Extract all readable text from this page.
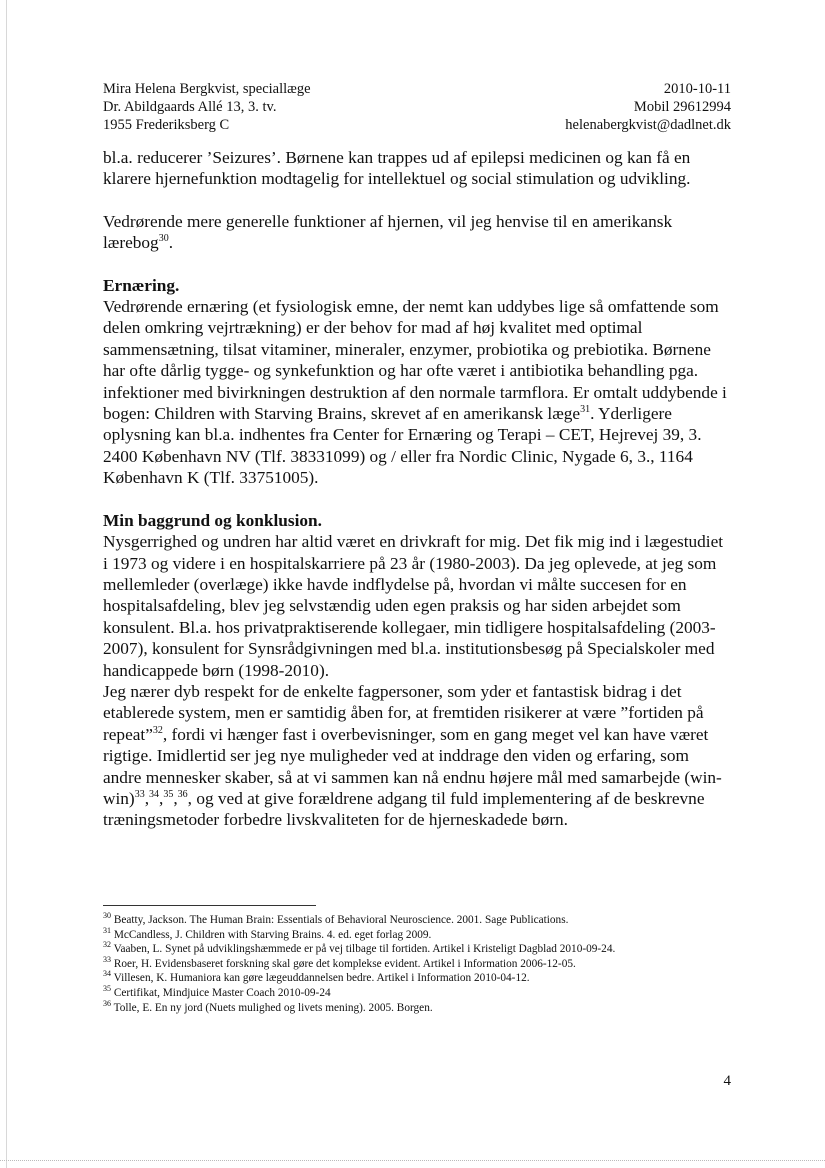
Mira Helena Bergkvist, speciallæge
Dr. Abildgaards Allé 13, 3. tv.
1955 Frederiksberg C
2010-10-11
Mobil 29612994
helenabergkvist@dadlnet.dk

bl.a. reducerer ’Seizures’. Børnene kan trappes ud af epilepsi medicinen og kan få en klarere hjernefunktion modtagelig for intellektuel og social stimulation og udvikling.

Vedrørende mere generelle funktioner af hjernen, vil jeg henvise til en amerikansk lærebog$^{30}$.

Ernæring.

Vedrørende ernæring (et fysiologisk emne, der nemt kan uddybes lige så omfattende som delen omkring vejrtrækning) er der behov for mad af høj kvalitet med optimal sammensætning, tilsat vitaminer, mineraler, enzymer, probiotika og prebiotika. Børnene har ofte dårlig tygge- og synkefunktion og har ofte været i antibiotika behandling pga. infektioner med bivirkningen destruktion af den normale tarmflora. Er omtalt uddybende i bogen: Children with Starving Brains, skrevet af en amerikansk læge$^{31}$. Yderligere oplysning kan bl.a. indhentes fra Center for Ernæring og Terapi – CET, Hejrevej 39, 3. 2400 København NV (Tlf. 38331099) og / eller fra Nordic Clinic, Nygade 6, 3., 1164 København K (Tlf. 33751005).

Min baggrund og konklusion.

Nysgerrighed og undren har altid været en drivkraft for mig. Det fik mig ind i lægestudiet i 1973 og videre i en hospitalskarriere på 23 år (1980-2003). Da jeg oplevede, at jeg som mellemleder (overlæge) ikke havde indflydelse på, hvordan vi målte succesen for en hospitalsafdeling, blev jeg selvstændig uden egen praksis og har siden arbejdet som konsulent. Bl.a. hos privatpraktiserende kollegaer, min tidligere hospitalsafdeling (2003-2007), konsulent for Synsrådgivningen med bl.a. institutionsbesøg på Specialskoler med handicappede børn (1998-2010).

Jeg nærer dyb respekt for de enkelte fagpersoner, som yder et fantastisk bidrag i det etablerede system, men er samtidig åben for, at fremtiden risikerer at være ”fortiden på repeat”$^{32}$, fordi vi hænger fast i overbevisninger, som en gang meget vel kan have været rigtige. Imidlertid ser jeg nye muligheder ved at inddrage den viden og erfaring, som andre mennesker skaber, så at vi sammen kan nå endnu højere mål med samarbejde $(win-win)^{33},^{34},^{35},^{36}$, og ved at give forældrene adgang til fuld implementering af de beskrevne træningsmetoder forbedre livskvaliteten for de hjerneskadede børn.

$^{30}$ Beatty, Jackson. The Human Brain: Essentials of Behavioral Neuroscience. 2001. Sage Publications.
$^{31}$ McCandless, J. Children with Starving Brains. 4. ed. eget forlag 2009.
$^{32}$ Vaaben, L. Synet på udviklingshæmmede er på vej tilbage til fortiden. Artikel i Kristeligt Dagblad 2010-09-24.
$^{33}$ Roer, H. Evidensbaseret forskning skal gøre det komplekse evident. Artikel i Information 2006-12-05.
$^{34}$ Villesen, K. Humaniora kan gøre lægeuddannelsen bedre. Artikel i Information 2010-04-12.
$^{35}$ Certifikat, Mindjuice Master Coach 2010-09-24
$^{36}$ Tolle, E. En ny jord (Nuets mulighed og livets mening). 2005. Borgen.
4
